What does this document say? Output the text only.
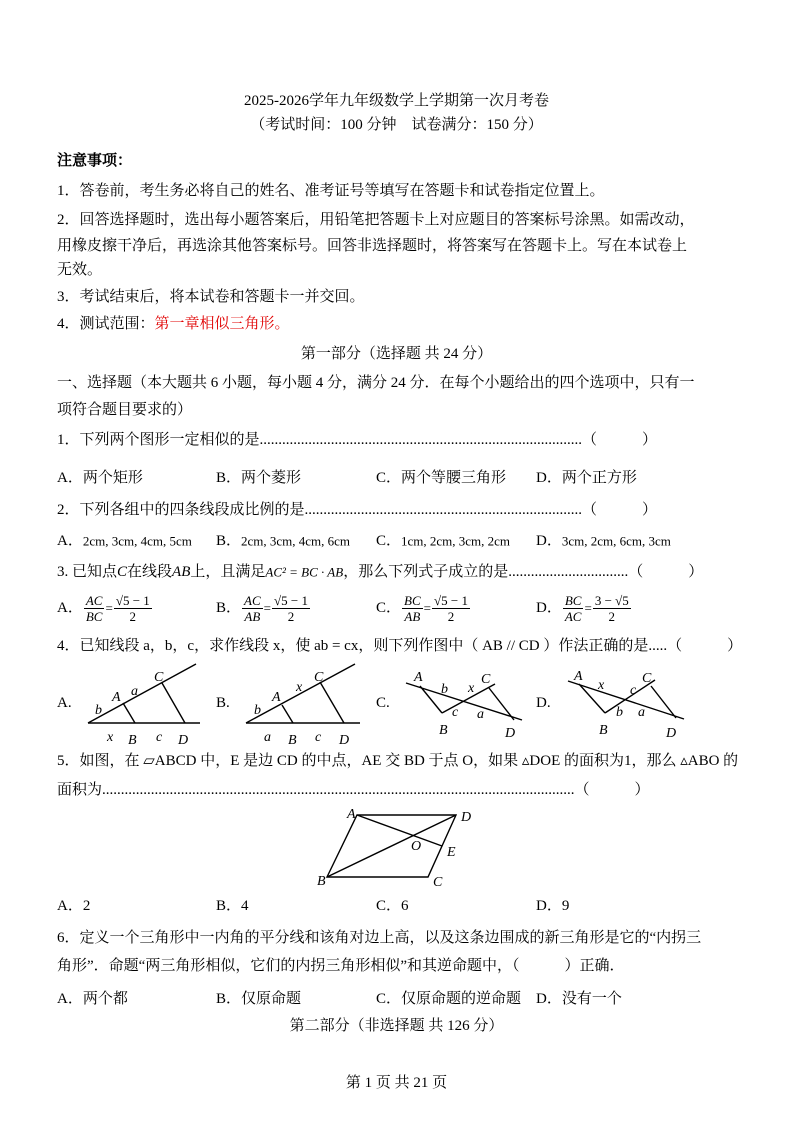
2025-2026学年九年级数学上学期第一次月考卷
（考试时间：100 分钟　试卷满分：150 分）
注意事项：
1．答卷前，考生务必将自己的姓名、准考证号等填写在答题卡和试卷指定位置上。
2．回答选择题时，选出每小题答案后，用铅笔把答题卡上对应题目的答案标号涂黑。如需改动，
用橡皮擦干净后，再选涂其他答案标号。回答非选择题时，将答案写在答题卡上。写在本试卷上
无效。
3．考试结束后，将本试卷和答题卡一并交回。
4．测试范围：第一章相似三角形。
第一部分（选择题 共 24 分）
一、选择题（本大题共 6 小题，每小题 4 分，满分 24 分．在每个小题给出的四个选项中，只有一
项符合题目要求的）
1．下列两个图形一定相似的是......................................................................................（　　　）
A．两个矩形	B．两个菱形	C．两个等腰三角形 D．两个正方形
2．下列各组中的四条线段成比例的是..........................................................................（　　　）
A．2cm, 3cm, 4cm, 5cm B．2cm, 3cm, 4cm, 6cm C．1cm, 2cm, 3cm, 2cm D．3cm, 2cm, 6cm, 3cm
3. 已知点C在线段AB上，且满足AC² = BC · AB，那么下列式子成立的是................................（　　　）
A． $\frac{AC}{BC} = \frac{√5 - 1}{2}$	B． $\frac{AC}{AB} = \frac{√5 - 1}{2}$	C． $\frac{BC}{AB} = \frac{√5 - 1}{2}$	D． $\frac{BC}{AC} = \frac{3 - √5}{2}$
4．已知线段 a，b，c，求作线段 x，使 ab = cx，则下列作图中（ AB // CD ）作法正确的是.....（　　　）
A.	B.	C.	D.
5．如图，在 ▱ABCD 中，E 是边 CD 的中点，AE 交 BD 于点 O，如果 ▵DOE 的面积为1，那么 ▵ABO 的
面积为..............................................................................................................................（　　　）
A．2	B．4	C．6	D．9
6．定义一个三角形中一内角的平分线和该角对边上高，以及这条边围成的新三角形是它的“内拐三
角形”．命题“两三角形相似，它们的内拐三角形相似”和其逆命题中，（　　　）正确．
A．两个都	B．仅原命题	C．仅原命题的逆命题 D．没有一个
第二部分（非选择题 共 126 分）
第 1 页 共 21 页
b
A a
C
x B c D
b
A
x
C
a B c D
A
b x
C
c a
B	D
A
x c
C
b a
B	D
A	D
O E
B	C
